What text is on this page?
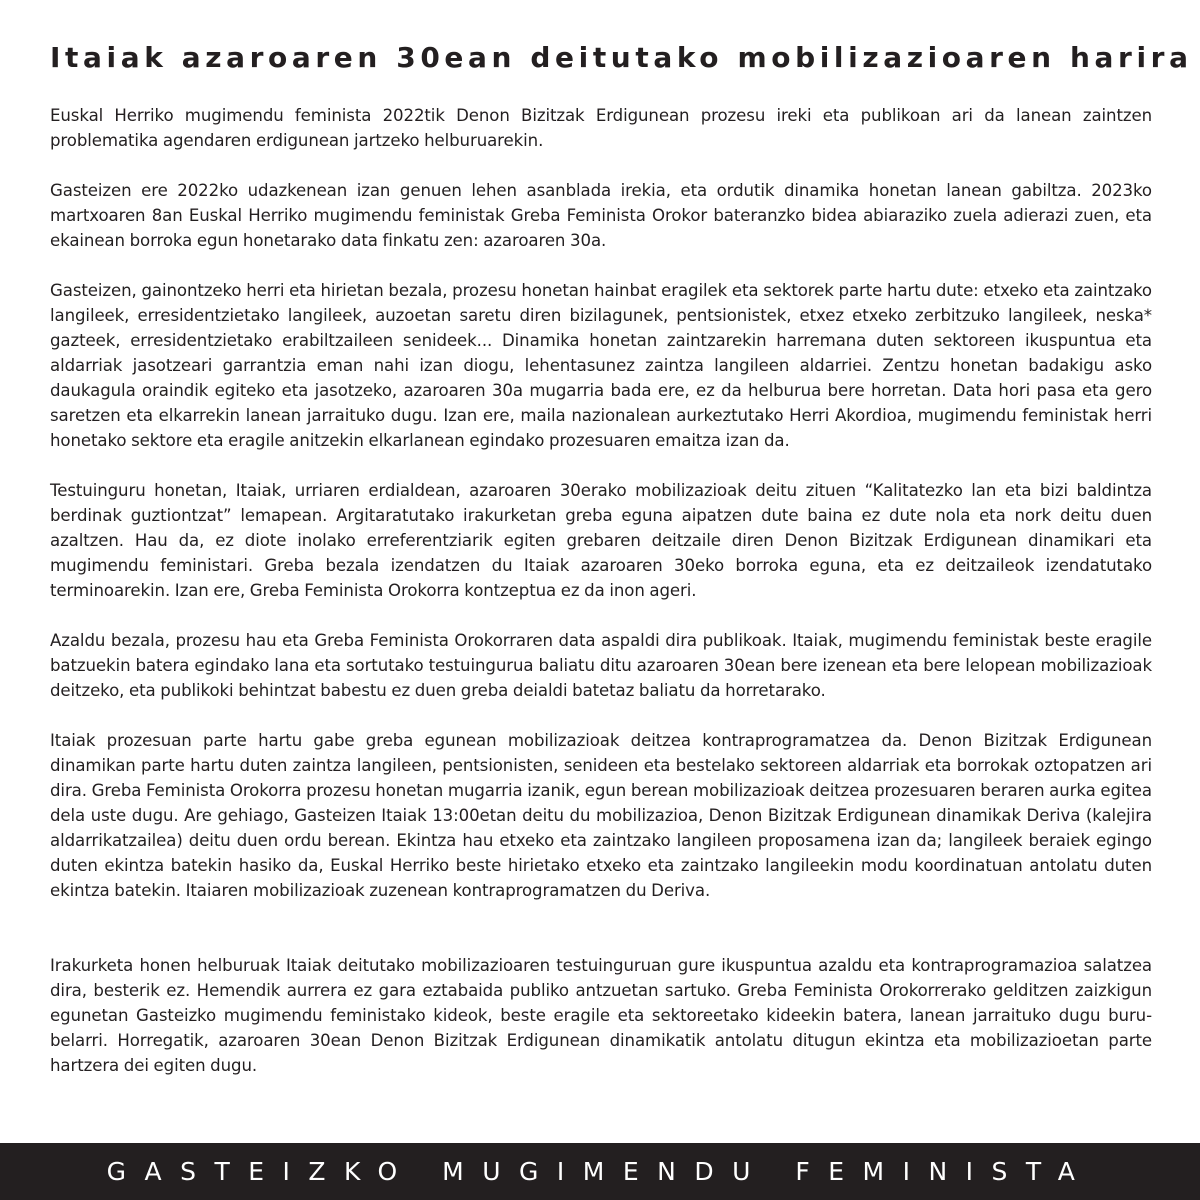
Itaiak azaroaren 30ean deitutako mobilizazioaren harira

Euskal Herriko mugimendu feminista 2022tik Denon Bizitzak Erdigunean prozesu ireki eta publikoan ari da lanean zaintzen problematika agendaren erdigunean jartzeko helburuarekin.

Gasteizen ere 2022ko udazkenean izan genuen lehen asanblada irekia, eta ordutik dinamika honetan lanean gabiltza. 2023ko martxoaren 8an Euskal Herriko mugimendu feministak Greba Feminista Orokor bateranzko bidea abiaraziko zuela adierazi zuen, eta ekainean borroka egun honetarako data finkatu zen: azaroaren 30a.

Gasteizen, gainontzeko herri eta hirietan bezala, prozesu honetan hainbat eragilek eta sektorek parte hartu dute: etxeko eta zaintzako langileek, erresidentzietako langileek, auzoetan saretu diren bizilagunek, pentsionistek, etxez etxeko zerbitzuko langileek, neska* gazteek, erresidentzietako erabiltzaileen senideek... Dinamika honetan zaintzarekin harremana duten sektoreen ikuspuntua eta aldarriak jasotzeari garrantzia eman nahi izan diogu, lehentasunez zaintza langileen aldarriei. Zentzu honetan badakigu asko daukagula oraindik egiteko eta jasotzeko, azaroaren 30a mugarria bada ere, ez da helburua bere horretan. Data hori pasa eta gero saretzen eta elkarrekin lanean jarraituko dugu. Izan ere, maila nazionalean aurkeztutako Herri Akordioa, mugimendu feministak herri honetako sektore eta eragile anitzekin elkarlanean egindako prozesuaren emaitza izan da.

Testuinguru honetan, Itaiak, urriaren erdialdean, azaroaren 30erako mobilizazioak deitu zituen “Kalitatezko lan eta bizi baldintza berdinak guztiontzat” lemapean. Argitaratutako irakurketan greba eguna aipatzen dute baina ez dute nola eta nork deitu duen azaltzen. Hau da, ez diote inolako erreferentziarik egiten grebaren deitzaile diren Denon Bizitzak Erdigunean dinamikari eta mugimendu feministari. Greba bezala izendatzen du Itaiak azaroaren 30eko borroka eguna, eta ez deitzaileok izendatutako terminoarekin. Izan ere, Greba Feminista Orokorra kontzeptua ez da inon ageri.

Azaldu bezala, prozesu hau eta Greba Feminista Orokorraren data aspaldi dira publikoak. Itaiak, mugimendu feministak beste eragile batzuekin batera egindako lana eta sortutako testuingurua baliatu ditu azaroaren 30ean bere izenean eta bere lelopean mobilizazioak deitzeko, eta publikoki behintzat babestu ez duen greba deialdi batetaz baliatu da horretarako.

Itaiak prozesuan parte hartu gabe greba egunean mobilizazioak deitzea kontraprogramatzea da. Denon Bizitzak Erdigunean dinamikan parte hartu duten zaintza langileen, pentsionisten, senideen eta bestelako sektoreen aldarriak eta borrokak oztopatzen ari dira. Greba Feminista Orokorra prozesu honetan mugarria izanik, egun berean mobilizazioak deitzea prozesuaren beraren aurka egitea dela uste dugu. Are gehiago, Gasteizen Itaiak 13:00etan deitu du mobilizazioa, Denon Bizitzak Erdigunean dinamikak Deriva (kalejira aldarrikatzailea) deitu duen ordu berean. Ekintza hau etxeko eta zaintzako langileen proposamena izan da; langileek beraiek egingo duten ekintza batekin hasiko da, Euskal Herriko beste hirietako etxeko eta zaintzako langileekin modu koordinatuan antolatu duten ekintza batekin. Itaiaren mobilizazioak zuzenean kontraprogramatzen du Deriva.

Irakurketa honen helburuak Itaiak deitutako mobilizazioaren testuinguruan gure ikuspuntua azaldu eta kontraprogramazioa salatzea dira, besterik ez. Hemendik aurrera ez gara eztabaida publiko antzuetan sartuko. Greba Feminista Orokorrerako gelditzen zaizkigun egunetan Gasteizko mugimendu feministako kideok, beste eragile eta sektoreetako kideekin batera, lanean jarraituko dugu buru-belarri. Horregatik, azaroaren 30ean Denon Bizitzak Erdigunean dinamikatik antolatu ditugun ekintza eta mobilizazioetan parte hartzera dei egiten dugu.

GASTEIZKO MUGIMENDU FEMINISTA
